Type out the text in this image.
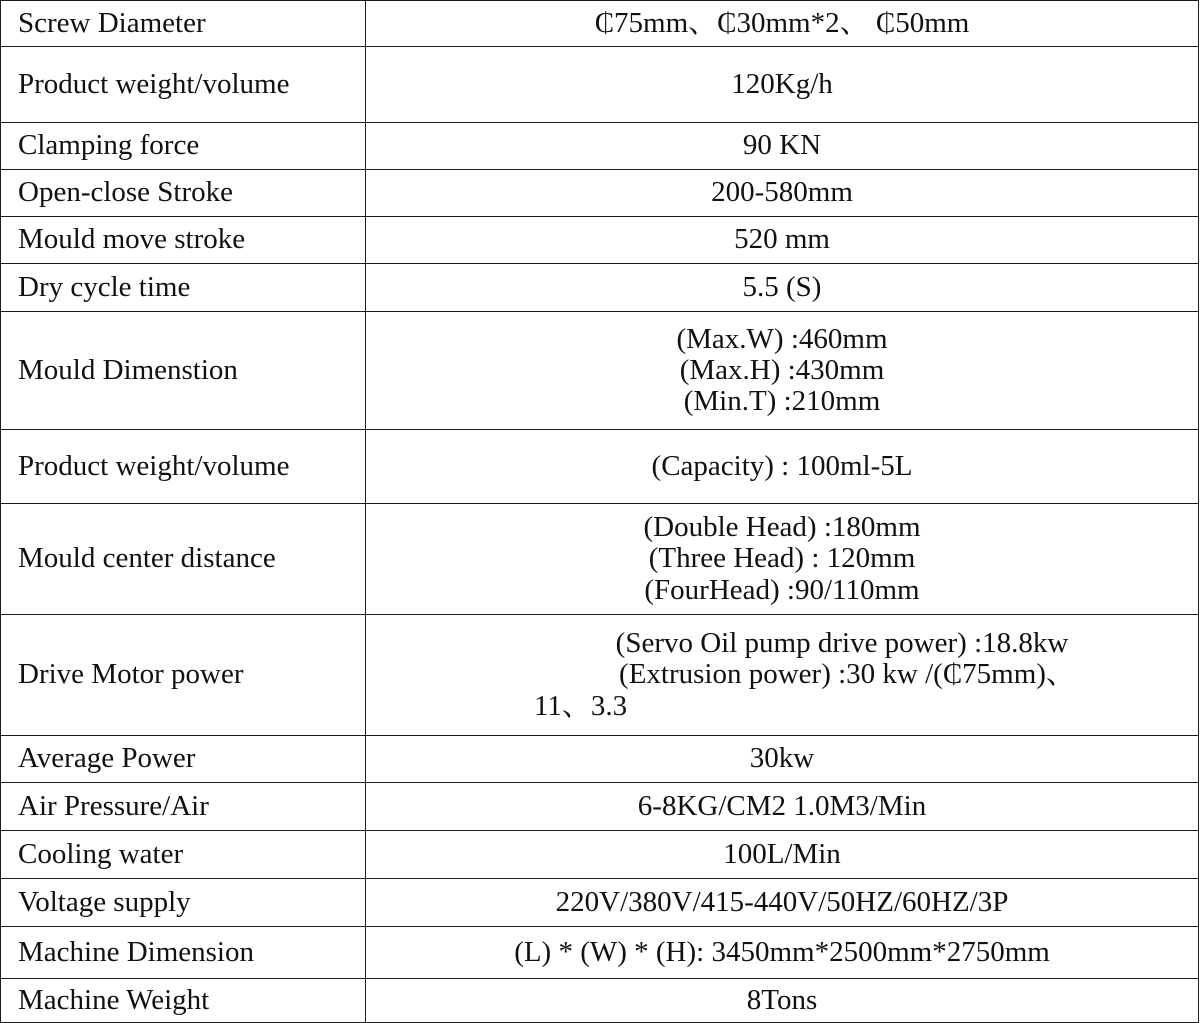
Screw Diameter	₵75mm、₵30mm*2、 ₵50mm

Product weight/volume	120Kg/h

Clamping force	90 KN

Open-close Stroke	200-580mm

Mould move stroke	520 mm

Dry cycle time	5.5 (S)

Mould Dimenstion	(Max.W) :460mm
(Max.H) :430mm
(Min.T) :210mm

Product weight/volume	(Capacity) : 100ml-5L

Mould center distance	(Double Head) :180mm
(Three Head) : 120mm
(FourHead) :90/110mm

Drive Motor power	(Servo Oil pump drive power) :18.8kw
(Extrusion power) :30 kw /(₵75mm)、
11、3.3

Average Power	30kw

Air Pressure/Air	6-8KG/CM2 1.0M3/Min

Cooling water	100L/Min

Voltage supply	220V/380V/415-440V/50HZ/60HZ/3P

Machine Dimension	(L) * (W) * (H): 3450mm*2500mm*2750mm

Machine Weight	8Tons
